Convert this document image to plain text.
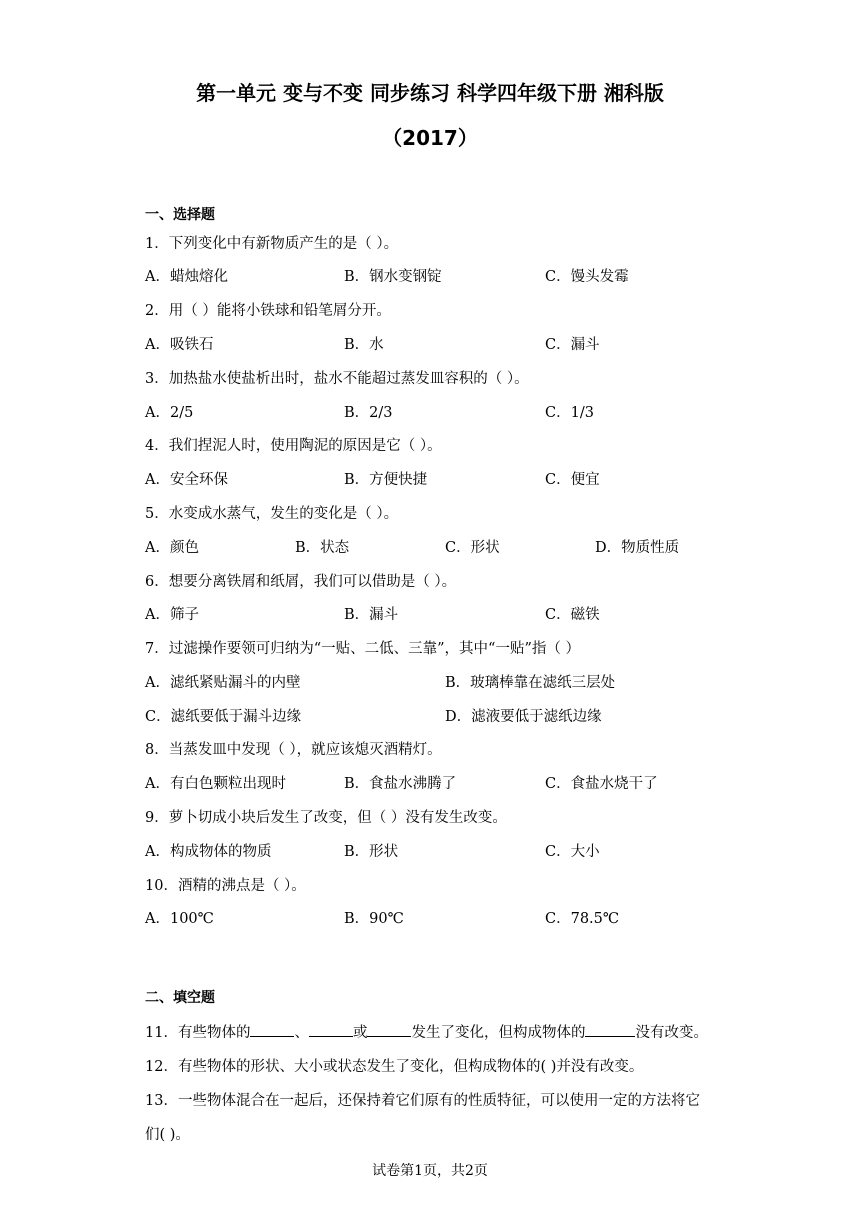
第一单元 变与不变 同步练习 科学四年级下册 湘科版
（2017）
一、选择题
1．下列变化中有新物质产生的是（ ）。
A．蜡烛熔化	B．钢水变钢锭	C．馒头发霉
2．用（ ）能将小铁球和铅笔屑分开。
A．吸铁石	B．水	C．漏斗
3．加热盐水使盐析出时，盐水不能超过蒸发皿容积的（ ）。
A．2/5	B．2/3	C．1/3
4．我们捏泥人时，使用陶泥的原因是它（ ）。
A．安全环保	B．方便快捷	C．便宜
5．水变成水蒸气，发生的变化是（ ）。
A．颜色	B．状态	C．形状	D．物质性质
6．想要分离铁屑和纸屑，我们可以借助是（ ）。
A．筛子	B．漏斗	C．磁铁
7．过滤操作要领可归纳为“一贴、二低、三靠”，其中“一贴”指（ ）
A．滤纸紧贴漏斗的内壁	B．玻璃棒靠在滤纸三层处
C．滤纸要低于漏斗边缘	D．滤液要低于滤纸边缘
8．当蒸发皿中发现（ ），就应该熄灭酒精灯。
A．有白色颗粒出现时	B．食盐水沸腾了	C．食盐水烧干了
9．萝卜切成小块后发生了改变，但（ ）没有发生改变。
A．构成物体的物质	B．形状	C．大小
10．酒精的沸点是（ ）。
A．100℃	B．90℃	C．78.5℃
二、填空题
11．有些物体的	、	或	发生了变化，但构成物体的	没有改变。
12．有些物体的形状、大小或状态发生了变化，但构成物体的( )并没有改变。
13．一些物体混合在一起后，还保持着它们原有的性质特征，可以使用一定的方法将它
们( )。
试卷第1页，共2页
